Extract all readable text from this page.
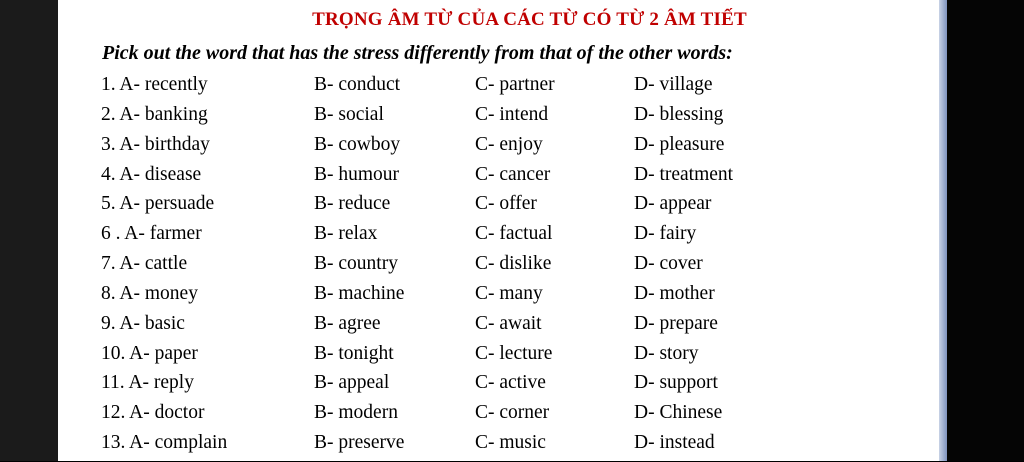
TRỌNG ÂM TỪ CỦA CÁC TỪ CÓ TỪ 2 ÂM TIẾT
Pick out the word that has the stress differently from that of the other words:
1. A- recently	B- conduct	C- partner	D- village
2. A- banking	B- social	C- intend	D- blessing
3. A- birthday	B- cowboy	C- enjoy	D- pleasure
4. A- disease	B- humour	C- cancer	D- treatment
5. A- persuade	B- reduce	C- offer	D- appear
6 . A- farmer	B- relax	C- factual	D- fairy
7. A- cattle	B- country	C- dislike	D- cover
8. A- money	B- machine	C- many	D- mother
9. A- basic	B- agree	C- await	D- prepare
10. A- paper	B- tonight	C- lecture	D- story
11. A- reply	B- appeal	C- active	D- support
12. A- doctor	B- modern	C- corner	D- Chinese
13. A- complain	B- preserve	C- music	D- instead
